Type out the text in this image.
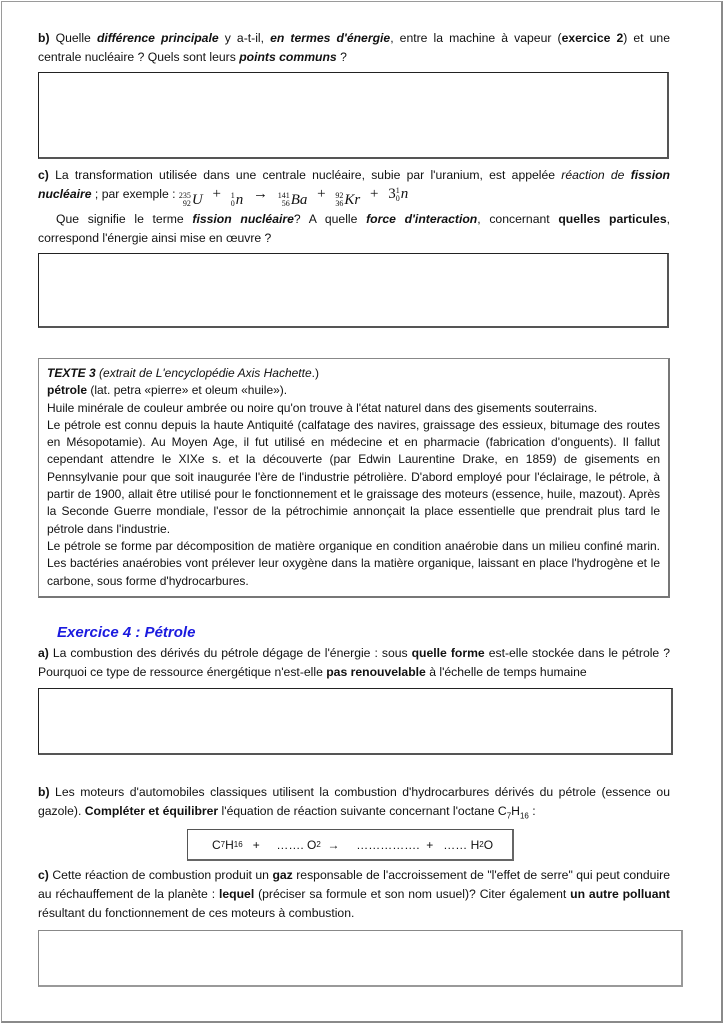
b) Quelle différence principale y a-t-il, en termes d'énergie, entre la machine à vapeur (exercice 2) et une centrale nucléaire ? Quels sont leurs points communs ?
c) La transformation utilisée dans une centrale nucléaire, subie par l'uranium, est appelée réaction de fission nucléaire ; par exemple : 235
92 U + 1
0 n → 141
56 Ba + 92
36 Kr + 3 1
0 n
Que signifie le terme fission nucléaire? A quelle force d'interaction, concernant quelles particules, correspond l'énergie ainsi mise en œuvre ?

TEXTE 3 (extrait de L'encyclopédie Axis Hachette.)

pétrole (lat. petra «pierre» et oleum «huile»).

Huile minérale de couleur ambrée ou noire qu'on trouve à l'état naturel dans des gisements souterrains.

Le pétrole est connu depuis la haute Antiquité (calfatage des navires, graissage des essieux, bitumage des routes en Mésopotamie). Au Moyen Age, il fut utilisé en médecine et en pharmacie (fabrication d'onguents). Il fallut cependant attendre le XIXe s. et la découverte (par Edwin Laurentine Drake, en 1859) de gisements en Pennsylvanie pour que soit inaugurée l'ère de l'industrie pétrolière. D'abord employé pour l'éclairage, le pétrole, à partir de 1900, allait être utilisé pour le fonctionnement et le graissage des moteurs (essence, huile, mazout). Après la Seconde Guerre mondiale, l'essor de la pétrochimie annonçait la place essentielle que prendrait plus tard le pétrole dans l'industrie.

Le pétrole se forme par décomposition de matière organique en condition anaérobie dans un milieu confiné marin. Les bactéries anaérobies vont prélever leur oxygène dans la matière organique, laissant en place l'hydrogène et le carbone, sous forme d'hydrocarbures.

Exercice 4 : Pétrole
a) La combustion des dérivés du pétrole dégage de l'énergie : sous quelle forme est-elle stockée dans le pétrole ? Pourquoi ce type de ressource énergétique n'est-elle pas renouvelable à l'échelle de temps humaine
b) Les moteurs d'automobiles classiques utilisent la combustion d'hydrocarbures dérivés du pétrole (essence ou gazole). Compléter et équilibrer l'équation de réaction suivante concernant l'octane $C_7H_{16}$ :
C 7 H 16 + ……. O 2 → ……………. + …… H 2 O
c) Cette réaction de combustion produit un gaz responsable de l'accroissement de "l'effet de serre" qui peut conduire au réchauffement de la planète : lequel (préciser sa formule et son nom usuel)? Citer également un autre polluant résultant du fonctionnement de ces moteurs à combustion.
